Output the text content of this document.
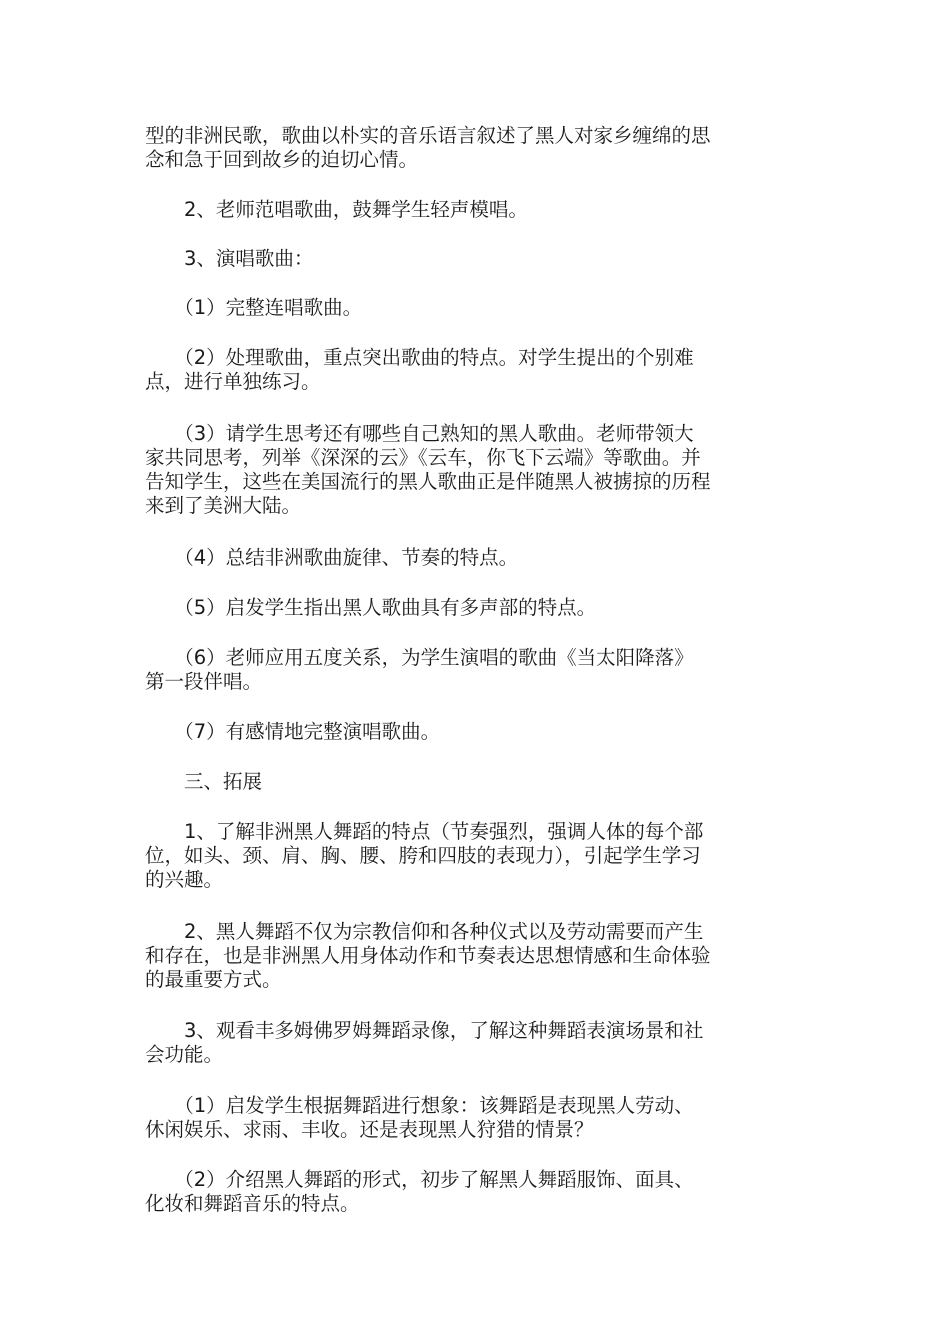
型的非洲民歌，歌曲以朴实的音乐语言叙述了黑人对家乡缠绵的思
念和急于回到故乡的迫切心情。
　　2、老师范唱歌曲，鼓舞学生轻声模唱。
　　3、演唱歌曲：
　　（1）完整连唱歌曲。
　　（2）处理歌曲，重点突出歌曲的特点。对学生提出的个别难
点，进行单独练习。
　　（3）请学生思考还有哪些自己熟知的黑人歌曲。老师带领大
家共同思考，列举《深深的云》《云车，你飞下云端》等歌曲。并
告知学生，这些在美国流行的黑人歌曲正是伴随黑人被掳掠的历程
来到了美洲大陆。
　　（4）总结非洲歌曲旋律、节奏的特点。
　　（5）启发学生指出黑人歌曲具有多声部的特点。
　　（6）老师应用五度关系，为学生演唱的歌曲《当太阳降落》
第一段伴唱。
　　（7）有感情地完整演唱歌曲。
　　三、拓展
　　1、了解非洲黑人舞蹈的特点（节奏强烈，强调人体的每个部
位，如头、颈、肩、胸、腰、胯和四肢的表现力），引起学生学习
的兴趣。
　　2、黑人舞蹈不仅为宗教信仰和各种仪式以及劳动需要而产生
和存在，也是非洲黑人用身体动作和节奏表达思想情感和生命体验
的最重要方式。
　　3、观看丰多姆佛罗姆舞蹈录像，了解这种舞蹈表演场景和社
会功能。
　　（1）启发学生根据舞蹈进行想象：该舞蹈是表现黑人劳动、
休闲娱乐、求雨、丰收。还是表现黑人狩猎的情景？
　　（2）介绍黑人舞蹈的形式，初步了解黑人舞蹈服饰、面具、
化妆和舞蹈音乐的特点。
